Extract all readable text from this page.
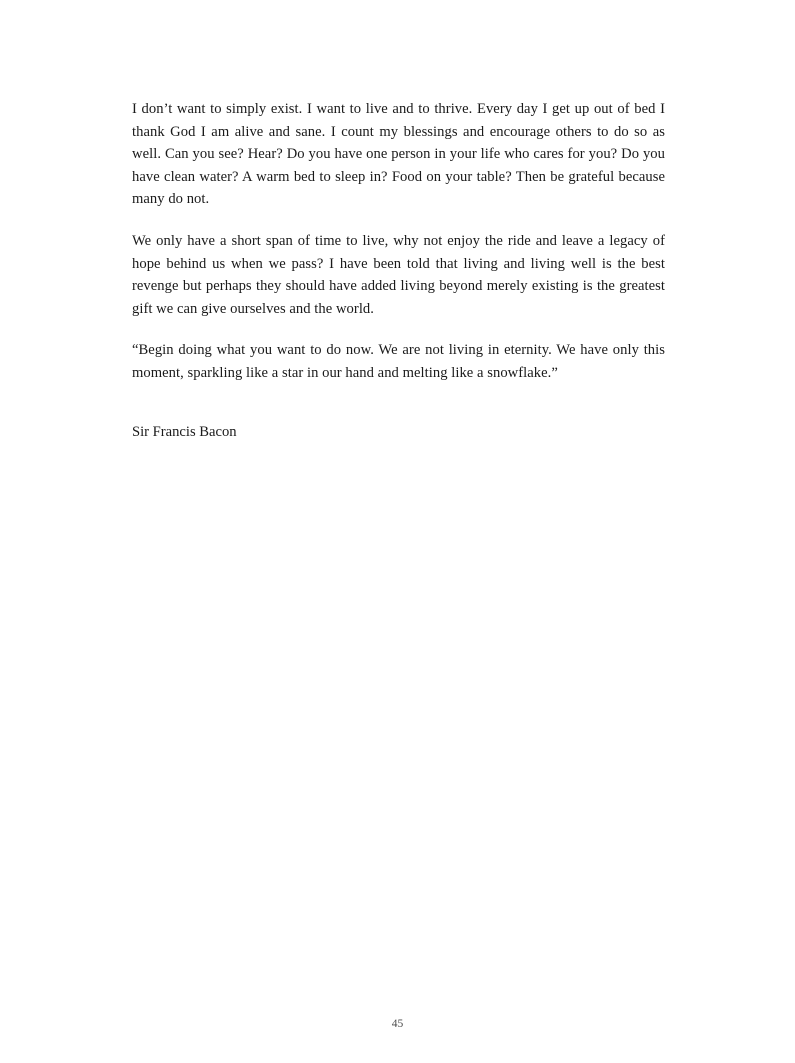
I don’t want to simply exist. I want to live and to thrive. Every day I get up out of bed I thank God I am alive and sane. I count my blessings and encourage others to do so as well. Can you see? Hear? Do you have one person in your life who cares for you? Do you have clean water? A warm bed to sleep in? Food on your table? Then be grateful because many do not.

We only have a short span of time to live, why not enjoy the ride and leave a legacy of hope behind us when we pass? I have been told that living and living well is the best revenge but perhaps they should have added living beyond merely existing is the greatest gift we can give ourselves and the world.

“Begin doing what you want to do now. We are not living in eternity. We have only this moment, sparkling like a star in our hand and melting like a snowflake.”

Sir Francis Bacon

45
